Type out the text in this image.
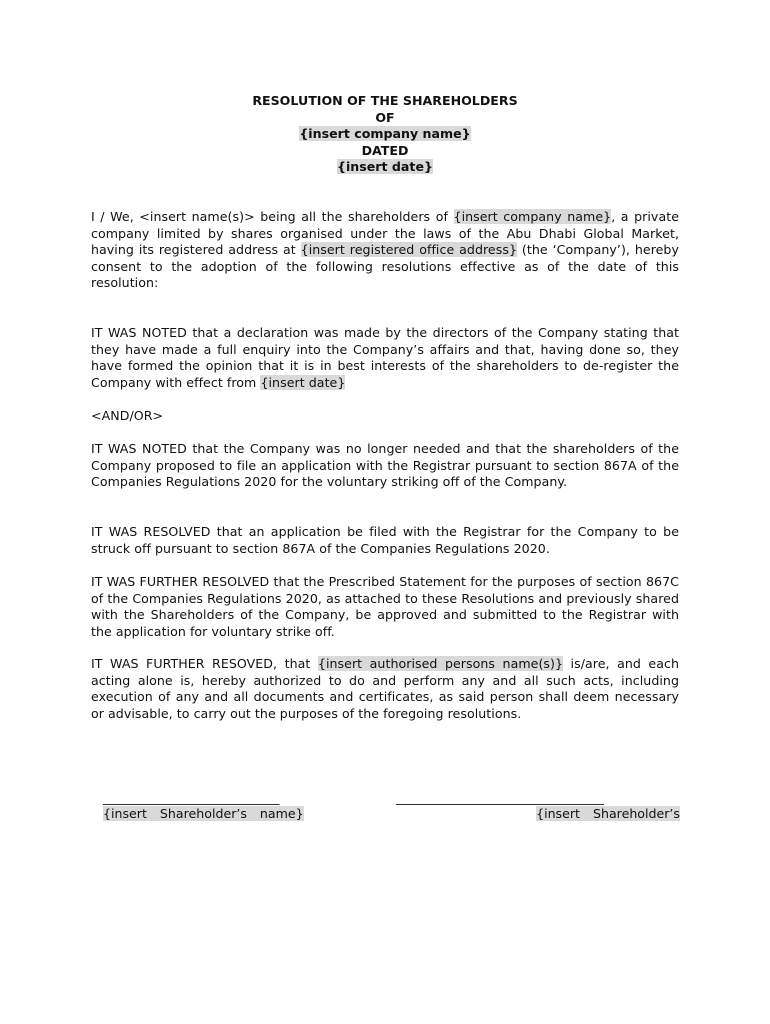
RESOLUTION OF THE SHAREHOLDERS
OF
{insert company name}
DATED
{insert date}

I / We, <insert name(s)> being all the shareholders of {insert company name}, a private company limited by shares organised under the laws of the Abu Dhabi Global Market, having its registered address at {insert registered office address} (the ‘Company’), hereby consent to the adoption of the following resolutions effective as of the date of this resolution:

IT WAS NOTED that a declaration was made by the directors of the Company stating that they have made a full enquiry into the Company’s affairs and that, having done so, they have formed the opinion that it is in best interests of the shareholders to de-register the Company with effect from {insert date}

<AND/OR>

IT WAS NOTED that the Company was no longer needed and that the shareholders of the Company proposed to file an application with the Registrar pursuant to section 867A of the Companies Regulations 2020 for the voluntary striking off of the Company.

IT WAS RESOLVED that an application be filed with the Registrar for the Company to be struck off pursuant to section 867A of the Companies Regulations 2020.

IT WAS FURTHER RESOLVED that the Prescribed Statement for the purposes of section 867C of the Companies Regulations 2020, as attached to these Resolutions and previously shared with the Shareholders of the Company, be approved and submitted to the Registrar with the application for voluntary strike off.

IT WAS FURTHER RESOVED, that {insert authorised persons name(s)} is/are, and each acting alone is, hereby authorized to do and perform any and all such acts, including execution of any and all documents and certificates, as said person shall deem necessary or advisable, to carry out the purposes of the foregoing resolutions.

____________________________
{insert Shareholder’s name}
_________________________________
{insert Shareholder’s
